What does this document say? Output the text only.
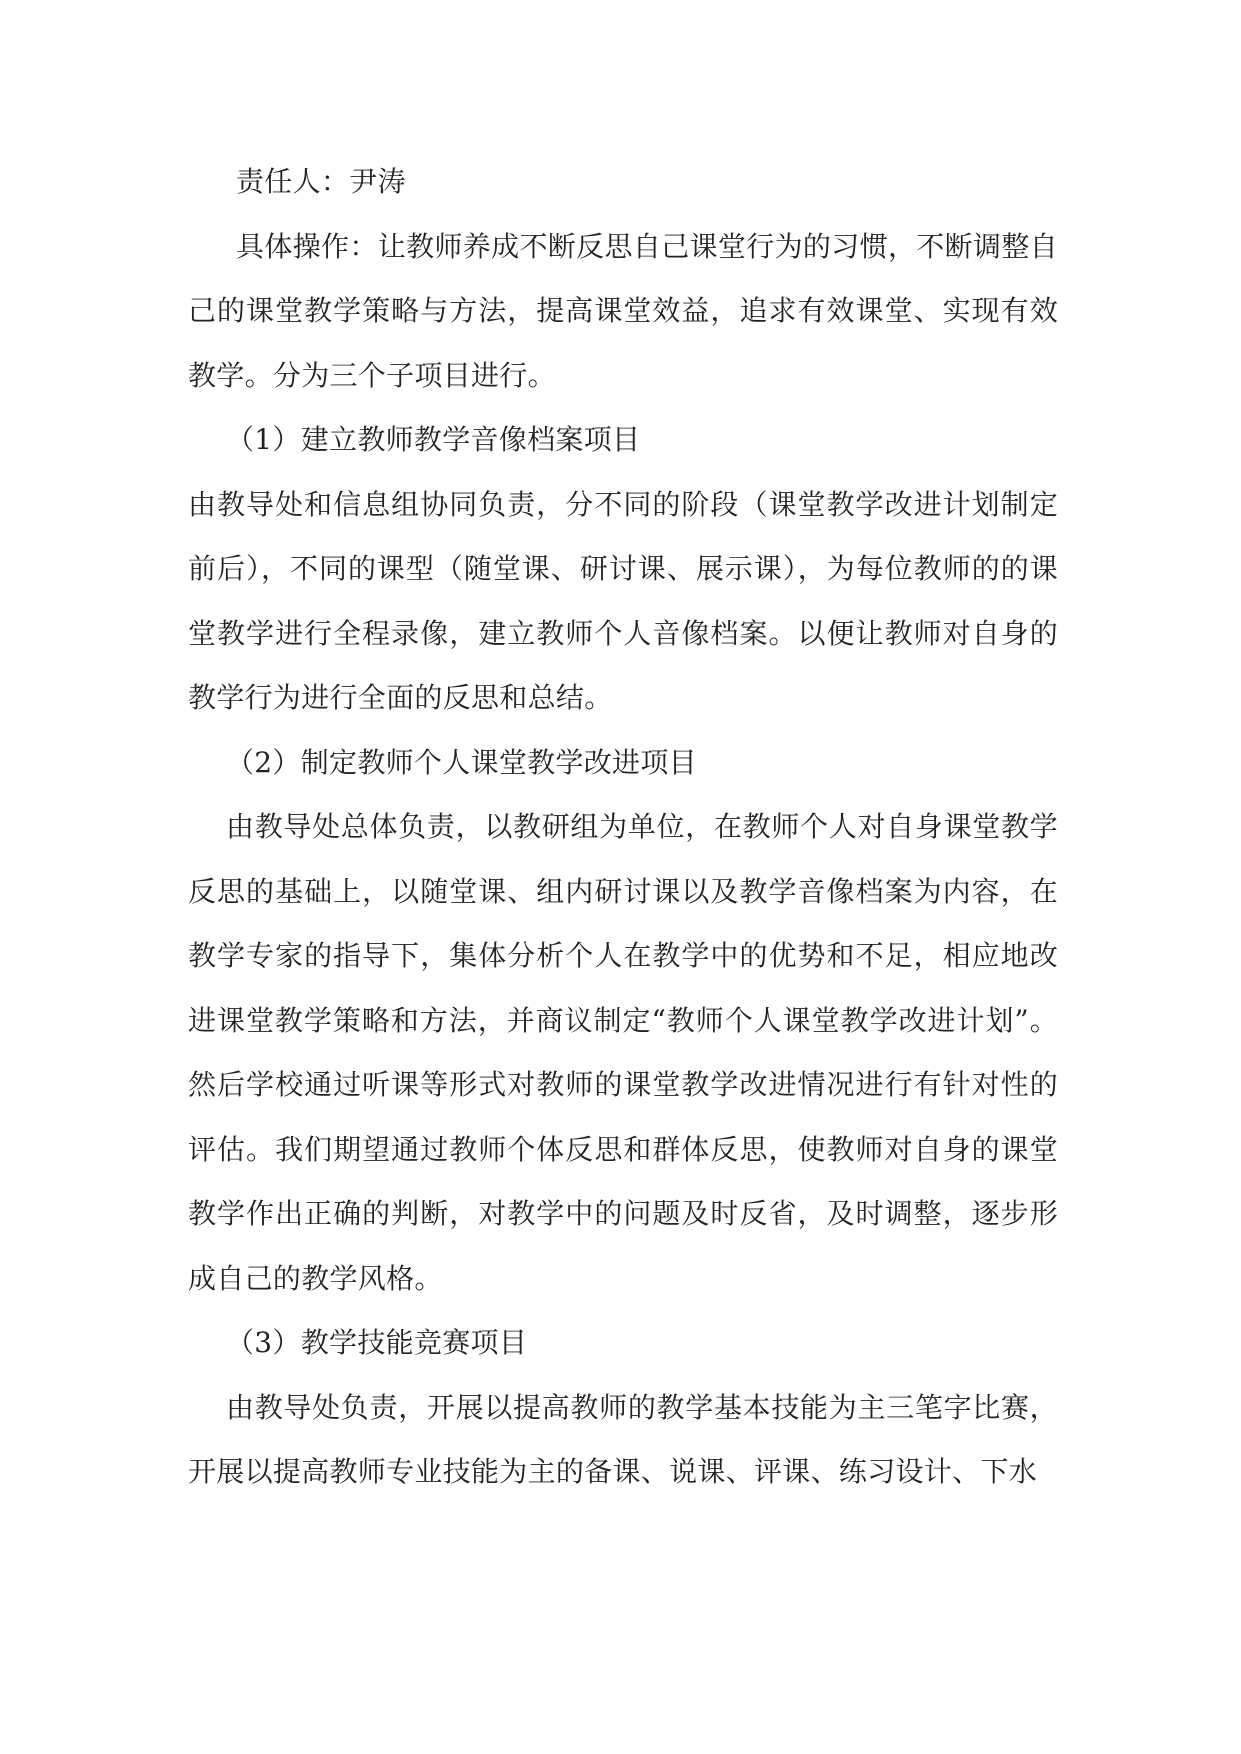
责任人：尹涛

具体操作：让教师养成不断反思自己课堂行为的习惯，不断调整自己的课堂教学策略与方法，提高课堂效益，追求有效课堂、实现有效教学。分为三个子项目进行。

（1）建立教师教学音像档案项目

由教导处和信息组协同负责，分不同的阶段（课堂教学改进计划制定前后），不同的课型（随堂课、研讨课、展示课），为每位教师的的课堂教学进行全程录像，建立教师个人音像档案。以便让教师对自身的教学行为进行全面的反思和总结。

（2）制定教师个人课堂教学改进项目

由教导处总体负责，以教研组为单位，在教师个人对自身课堂教学反思的基础上，以随堂课、组内研讨课以及教学音像档案为内容，在教学专家的指导下，集体分析个人在教学中的优势和不足，相应地改进课堂教学策略和方法，并商议制定“教师个人课堂教学改进计划”。然后学校通过听课等形式对教师的课堂教学改进情况进行有针对性的评估。我们期望通过教师个体反思和群体反思，使教师对自身的课堂教学作出正确的判断，对教学中的问题及时反省，及时调整，逐步形成自己的教学风格。

（3）教学技能竞赛项目

由教导处负责，开展以提高教师的教学基本技能为主三笔字比赛，开展以提高教师专业技能为主的备课、说课、评课、练习设计、下水
